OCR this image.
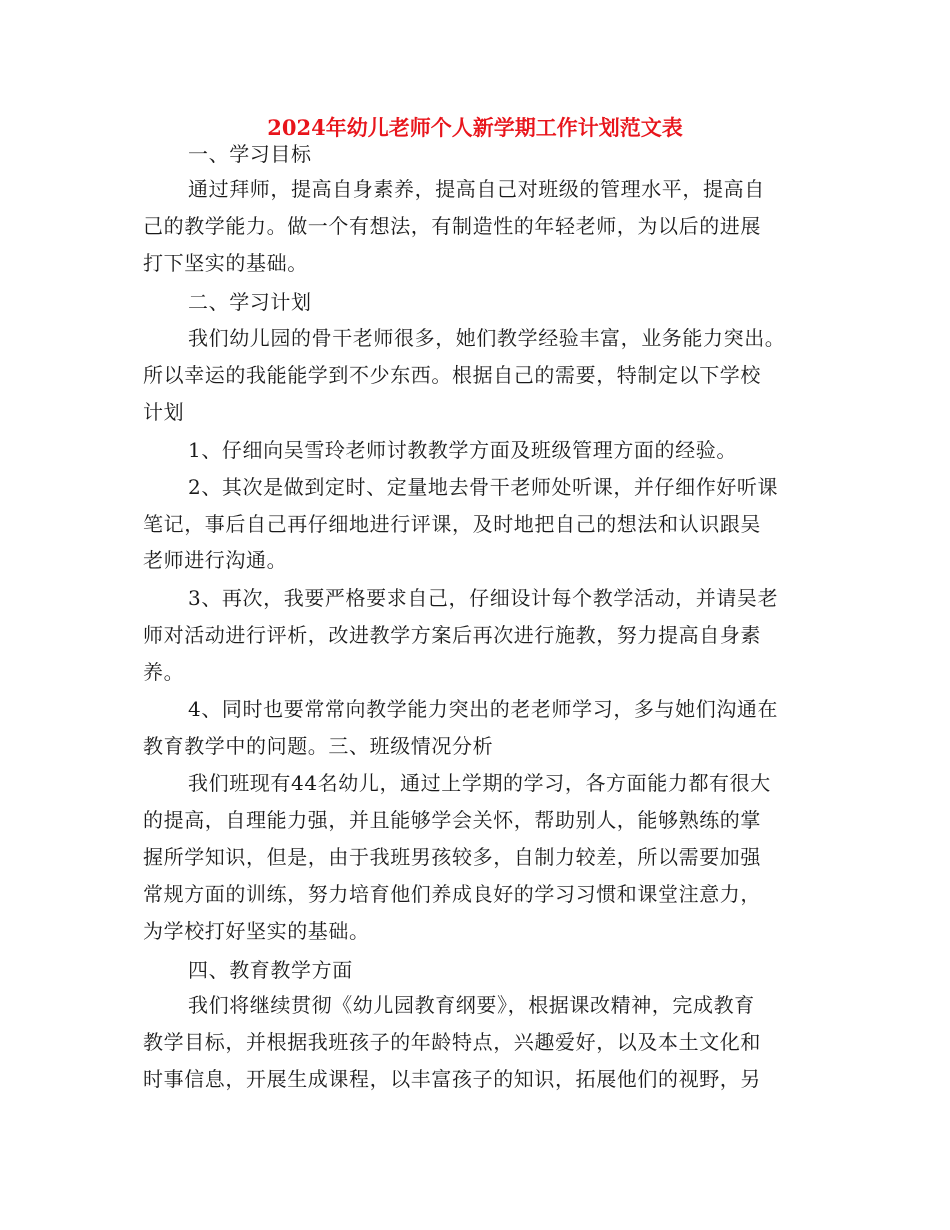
2024年幼儿老师个人新学期工作计划范文表
一、学习目标
通过拜师，提高自身素养，提高自己对班级的管理水平，提高自
己的教学能力。做一个有想法，有制造性的年轻老师，为以后的进展
打下坚实的基础。
二、学习计划
我们幼儿园的骨干老师很多，她们教学经验丰富，业务能力突出。
所以幸运的我能能学到不少东西。根据自己的需要，特制定以下学校
计划
1、仔细向吴雪玲老师讨教教学方面及班级管理方面的经验。
2、其次是做到定时、定量地去骨干老师处听课，并仔细作好听课
笔记，事后自己再仔细地进行评课，及时地把自己的想法和认识跟吴
老师进行沟通。
3、再次，我要严格要求自己，仔细设计每个教学活动，并请吴老
师对活动进行评析，改进教学方案后再次进行施教，努力提高自身素
养。
4、同时也要常常向教学能力突出的老老师学习，多与她们沟通在
教育教学中的问题。三、班级情况分析
我们班现有44名幼儿，通过上学期的学习，各方面能力都有很大
的提高，自理能力强，并且能够学会关怀，帮助别人，能够熟练的掌
握所学知识，但是，由于我班男孩较多，自制力较差，所以需要加强
常规方面的训练，努力培育他们养成良好的学习习惯和课堂注意力，
为学校打好坚实的基础。
四、教育教学方面
我们将继续贯彻《幼儿园教育纲要》，根据课改精神，完成教育
教学目标，并根据我班孩子的年龄特点，兴趣爱好，以及本土文化和
时事信息，开展生成课程，以丰富孩子的知识，拓展他们的视野，另
